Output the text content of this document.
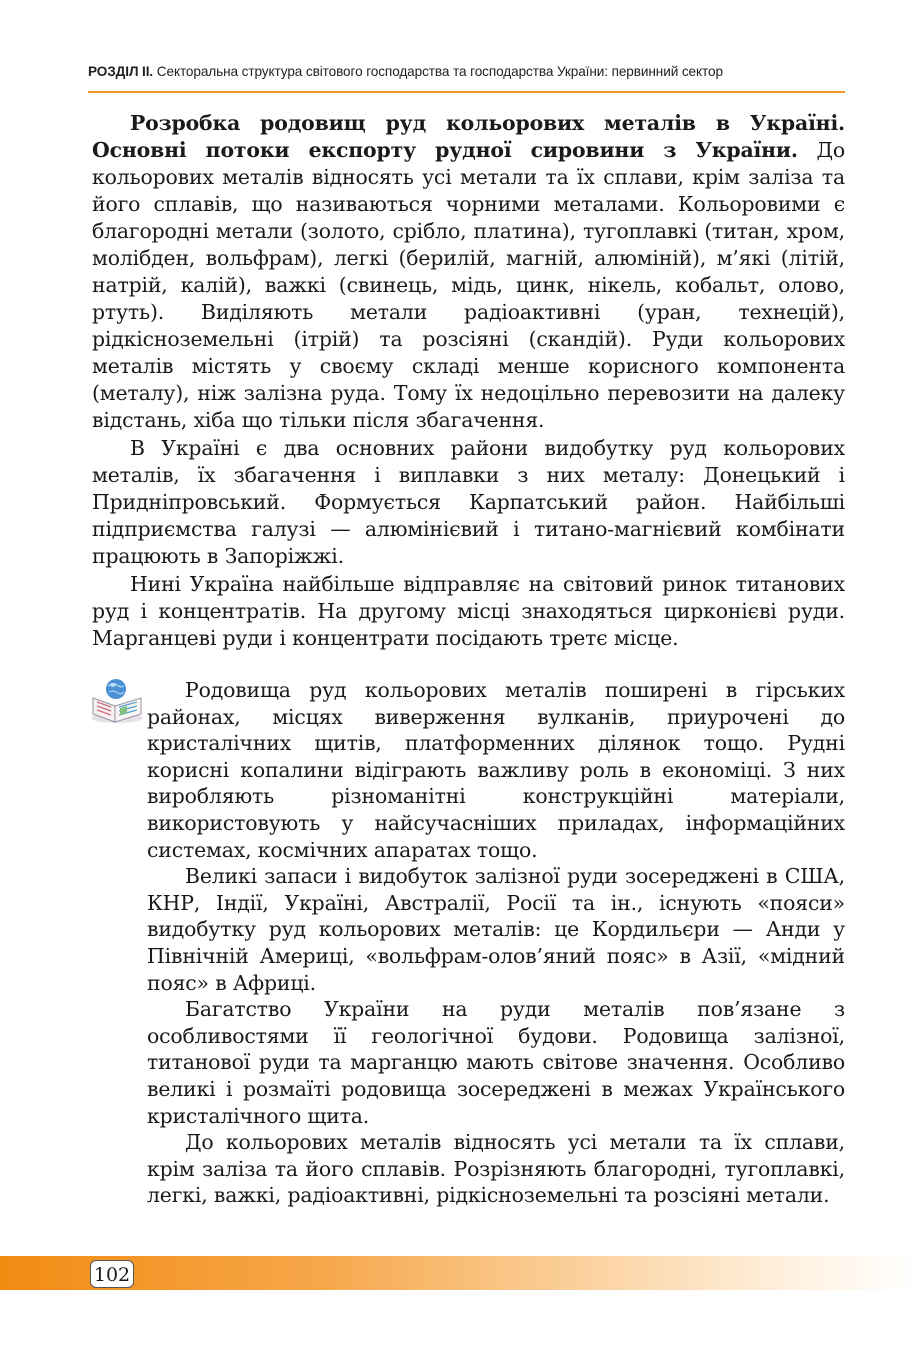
РОЗДІЛ II. Секторальна структура світового господарства та господарства України: первинний сектор

Розробка родовищ руд кольорових металів в Україні. Основні потоки експорту рудної сировини з України. До кольорових металів відносять усі метали та їх сплави, крім заліза та його сплавів, що називаються чорними металами. Кольоровими є благородні метали (золото, срібло, платина), тугоплавкі (титан, хром, молібден, вольфрам), легкі (берилій, магній, алюміній), м’які (літій, натрій, калій), важкі (свинець, мідь, цинк, нікель, кобальт, олово, ртуть). Виділяють метали радіоактивні (уран, технецій), рідкісноземельні (ітрій) та розсіяні (скандій). Руди кольорових металів містять у своєму складі менше корисного компонента (металу), ніж залізна руда. Тому їх недоцільно перевозити на далеку відстань, хіба що тільки після збагачення.

В Україні є два основних райони видобутку руд кольорових металів, їх збагачення і виплавки з них металу: Донецький і Придніпровський. Формується Карпатський район. Найбільші підприємства галузі — алюмінієвий і титано-магнієвий комбінати працюють в Запоріжжі.

Нині Україна найбільше відправляє на світовий ринок титанових руд і концентратів. На другому місці знаходяться цирконієві руди. Марганцеві руди і концентрати посідають третє місце.

Родовища руд кольорових металів поширені в гірських районах, місцях виверження вулканів, приурочені до кристалічних щитів, платформенних ділянок тощо. Рудні корисні копалини відіграють важливу роль в економіці. З них виробляють різноманітні конструкційні матеріали, використовують у найсучасніших приладах, інформаційних системах, космічних апаратах тощо.

Великі запаси і видобуток залізної руди зосереджені в США, КНР, Індії, Україні, Австралії, Росії та ін., існують «пояси» видобутку руд кольорових металів: це Кордильєри — Анди у Північній Америці, «вольфрам-олов’яний пояс» в Азії, «мідний пояс» в Африці.

Багатство України на руди металів пов’язане з особливостями її геологічної будови. Родовища залізної, титанової руди та марганцю мають світове значення. Особливо великі і розмаїті родовища зосереджені в межах Українського кристалічного щита.

До кольорових металів відносять усі метали та їх сплави, крім заліза та його сплавів. Розрізняють благородні, тугоплавкі, легкі, важкі, радіоактивні, рідкісноземельні та розсіяні метали.

102
